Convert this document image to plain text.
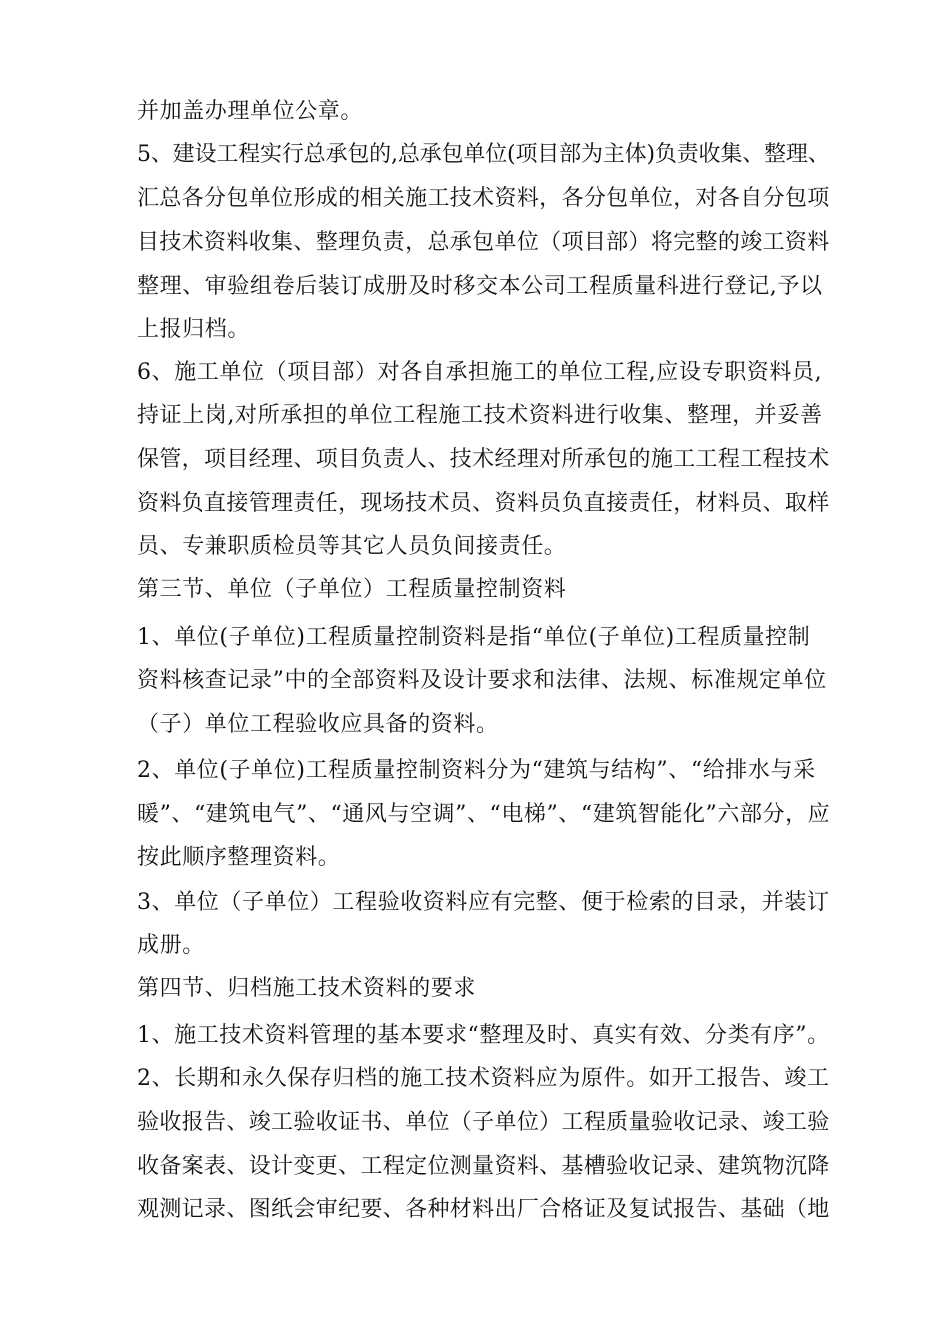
并加盖办理单位公章。
5、建设工程实行总承包的,总承包单位(项目部为主体)负责收集、整理、
汇总各分包单位形成的相关施工技术资料，各分包单位，对各自分包项
目技术资料收集、整理负责，总承包单位（项目部）将完整的竣工资料
整理、审验组卷后装订成册及时移交本公司工程质量科进行登记,予以
上报归档。
6、施工单位（项目部）对各自承担施工的单位工程,应设专职资料员,
持证上岗,对所承担的单位工程施工技术资料进行收集、整理，并妥善
保管，项目经理、项目负责人、技术经理对所承包的施工工程工程技术
资料负直接管理责任，现场技术员、资料员负直接责任，材料员、取样
员、专兼职质检员等其它人员负间接责任。
第三节、单位（子单位）工程质量控制资料
1、单位(子单位)工程质量控制资料是指“单位(子单位)工程质量控制
资料核查记录”中的全部资料及设计要求和法律、法规、标准规定单位
（子）单位工程验收应具备的资料。
2、单位(子单位)工程质量控制资料分为“建筑与结构”、“给排水与采
暖”、“建筑电气”、“通风与空调”、“电梯”、“建筑智能化”六部分，应
按此顺序整理资料。
3、单位（子单位）工程验收资料应有完整、便于检索的目录，并装订
成册。
第四节、归档施工技术资料的要求
1、施工技术资料管理的基本要求“整理及时、真实有效、分类有序”。
2、长期和永久保存归档的施工技术资料应为原件。如开工报告、竣工
验收报告、竣工验收证书、单位（子单位）工程质量验收记录、竣工验
收备案表、设计变更、工程定位测量资料、基槽验收记录、建筑物沉降
观测记录、图纸会审纪要、各种材料出厂合格证及复试报告、基础（地
